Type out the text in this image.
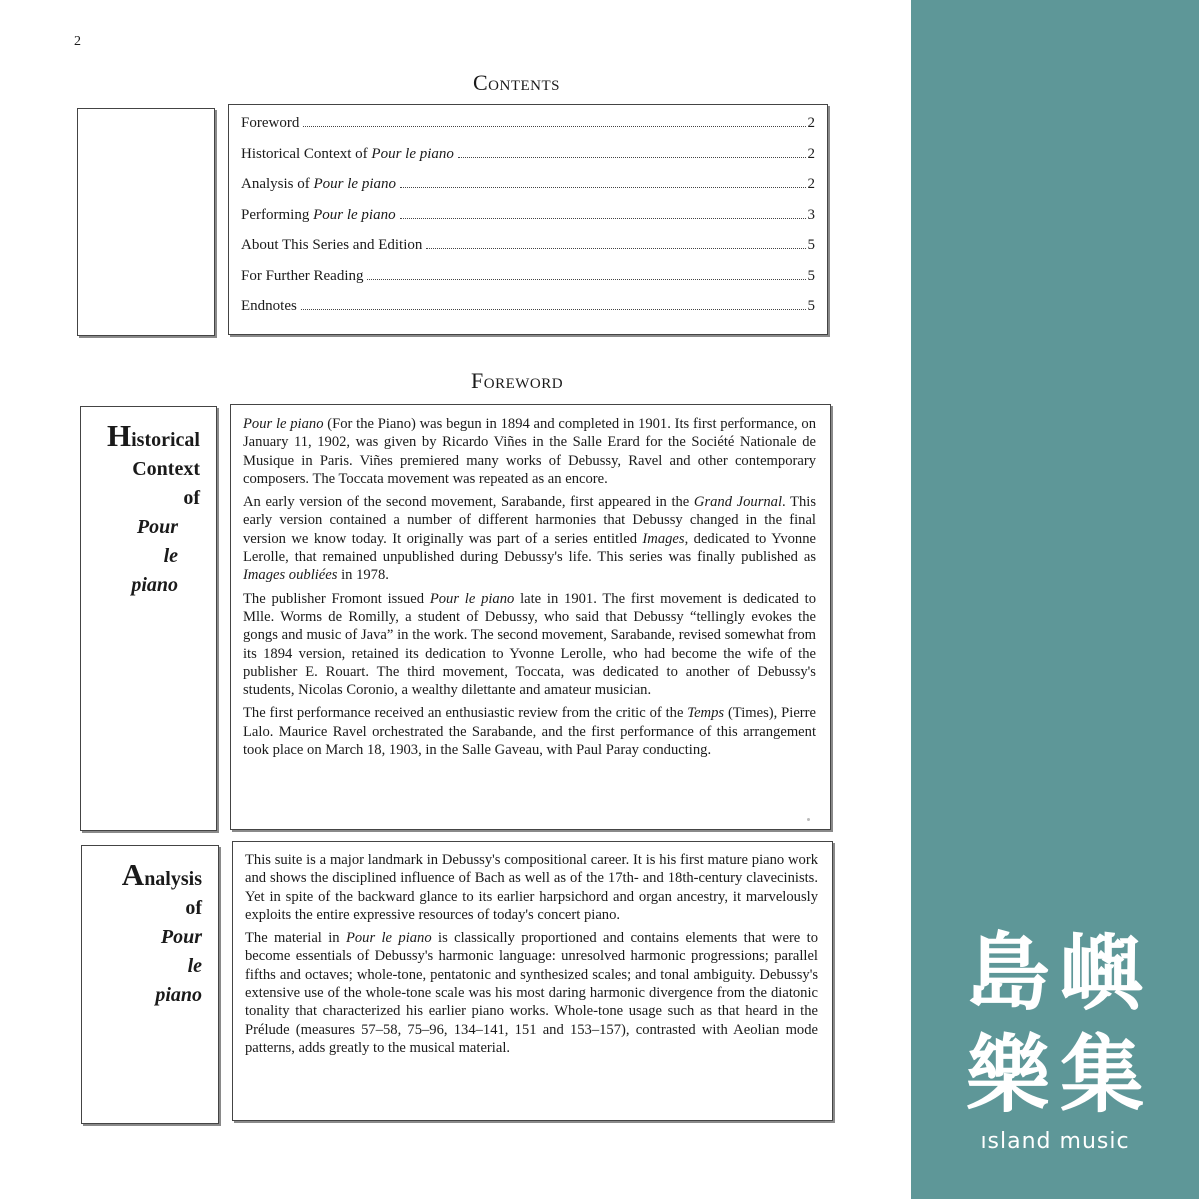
2
Contents
Foreword	2
Historical Context of Pour le piano	2
Analysis of Pour le piano	2
Performing Pour le piano	3
About This Series and Edition	5
For Further Reading	5
Endnotes	5
Foreword
Historical
Context
of
Pour
le
piano

Pour le piano (For the Piano) was begun in 1894 and completed in 1901. Its first performance, on January 11, 1902, was given by Ricardo Viñes in the Salle Erard for the Société Nationale de Musique in Paris. Viñes premiered many works of Debussy, Ravel and other contemporary composers. The Toccata movement was repeated as an encore.

An early version of the second movement, Sarabande, first appeared in the Grand Journal. This early version contained a number of different harmonies that Debussy changed in the final version we know today. It originally was part of a series entitled Images, dedicated to Yvonne Lerolle, that remained unpublished during Debussy's life. This series was finally published as Images oubliées in 1978.

The publisher Fromont issued Pour le piano late in 1901. The first movement is dedicated to Mlle. Worms de Romilly, a student of Debussy, who said that Debussy “tellingly evokes the gongs and music of Java” in the work. The second movement, Sarabande, revised somewhat from its 1894 version, retained its dedication to Yvonne Lerolle, who had become the wife of the publisher E. Rouart. The third movement, Toccata, was dedicated to another of Debussy's students, Nicolas Coronio, a wealthy dilettante and amateur musician.

The first performance received an enthusiastic review from the critic of the Temps (Times), Pierre Lalo. Maurice Ravel orchestrated the Sarabande, and the first performance of this arrangement took place on March 18, 1903, in the Salle Gaveau, with Paul Paray conducting.

Analysis
of
Pour
le
piano

This suite is a major landmark in Debussy's compositional career. It is his first mature piano work and shows the disciplined influence of Bach as well as of the 17th- and 18th-century clavecinists. Yet in spite of the backward glance to its earlier harpsichord and organ ancestry, it marvelously exploits the entire expressive resources of today's concert piano.

The material in Pour le piano is classically proportioned and contains elements that were to become essentials of Debussy's harmonic language: unresolved harmonic progressions; parallel fifths and octaves; whole-tone, pentatonic and synthesized scales; and tonal ambiguity. Debussy's extensive use of the whole-tone scale was his most daring harmonic divergence from the diatonic tonality that characterized his earlier piano works. Whole-tone usage such as that heard in the Prélude (measures 57–58, 75–96, 134–141, 151 and 153–157), contrasted with Aeolian mode patterns, adds greatly to the musical material.

島 嶼
樂 集
ısland music
